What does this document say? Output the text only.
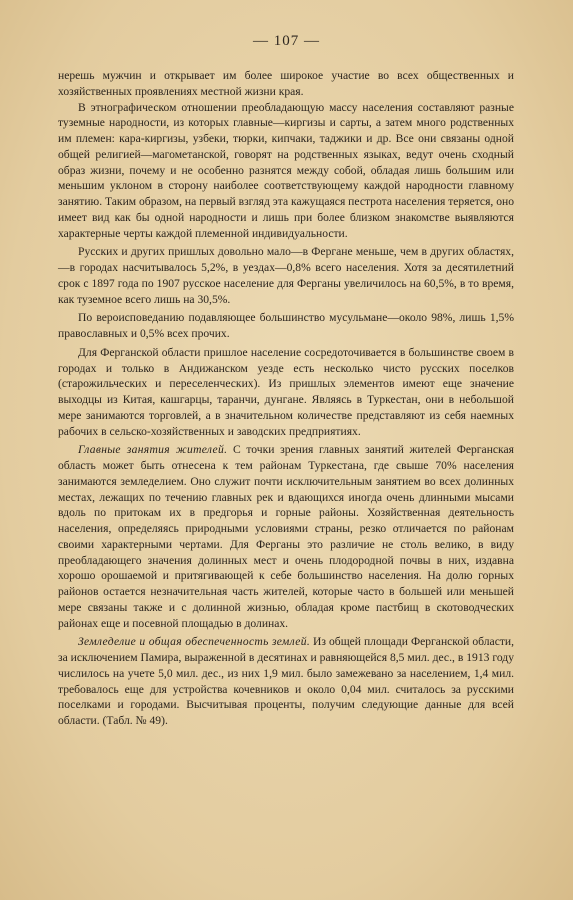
— 107 —

нерешь мужчин и открывает им более широкое участие во всех общественных и хозяйственных проявлениях местной жизни края.

В этнографическом отношении преобладающую массу населения составляют разные туземные народности, из которых главные—киргизы и сарты, а затем много родственных им племен: кара-киргизы, узбеки, тюрки, кипчаки, таджики и др. Все они связаны одной общей религией—магометанской, говорят на родственных языках, ведут очень сходный образ жизни, почему и не особенно разнятся между собой, обладая лишь большим или меньшим уклоном в сторону наиболее соответствующему каждой народности главному занятию. Таким образом, на первый взгляд эта кажущаяся пестрота населения теряется, оно имеет вид как бы одной народности и лишь при более близком знакомстве выявляются характерные черты каждой племенной индивидуальности.

Русских и других пришлых довольно мало—в Фергане меньше, чем в других областях,—в городах насчитывалось 5,2%, в уездах—0,8% всего населения. Хотя за десятилетний срок с 1897 года по 1907 русское население для Ферганы увеличилось на 60,5%, в то время, как туземное всего лишь на 30,5%.

По вероисповеданию подавляющее большинство мусульмане—около 98%, лишь 1,5% православных и 0,5% всех прочих.

Для Ферганской области пришлое население сосредоточивается в большинстве своем в городах и только в Андижанском уезде есть несколько чисто русских поселков (старожильческих и переселенческих). Из пришлых элементов имеют еще значение выходцы из Китая, кашгарцы, таранчи, дунгане. Являясь в Туркестан, они в небольшой мере занимаются торговлей, а в значительном количестве представляют из себя наемных рабочих в сельско-хозяйственных и заводских предприятиях.

Главные занятия жителей. С точки зрения главных занятий жителей Ферганская область может быть отнесена к тем районам Туркестана, где свыше 70% населения занимаются земледелием. Оно служит почти исключительным занятием во всех долинных местах, лежащих по течению главных рек и вдающихся иногда очень длинными мысами вдоль по притокам их в предгорья и горные районы. Хозяйственная деятельность населения, определяясь природными условиями страны, резко отличается по районам своими характерными чертами. Для Ферганы это различие не столь велико, в виду преобладающего значения долинных мест и очень плодородной почвы в них, издавна хорошо орошаемой и притягивающей к себе большинство населения. На долю горных районов остается незначительная часть жителей, которые часто в большей или меньшей мере связаны также и с долинной жизнью, обладая кроме пастбищ в скотоводческих районах еще и посевной площадью в долинах.

Земледелие и общая обеспеченность землей. Из общей площади Ферганской области, за исключением Памира, выраженной в десятинах и равняющейся 8,5 мил. дес., в 1913 году числилось на учете 5,0 мил. дес., из них 1,9 мил. было замежевано за населением, 1,4 мил. требовалось еще для устройства кочевников и около 0,04 мил. считалось за русскими поселками и городами. Высчитывая проценты, получим следующие данные для всей области. (Табл. № 49).
